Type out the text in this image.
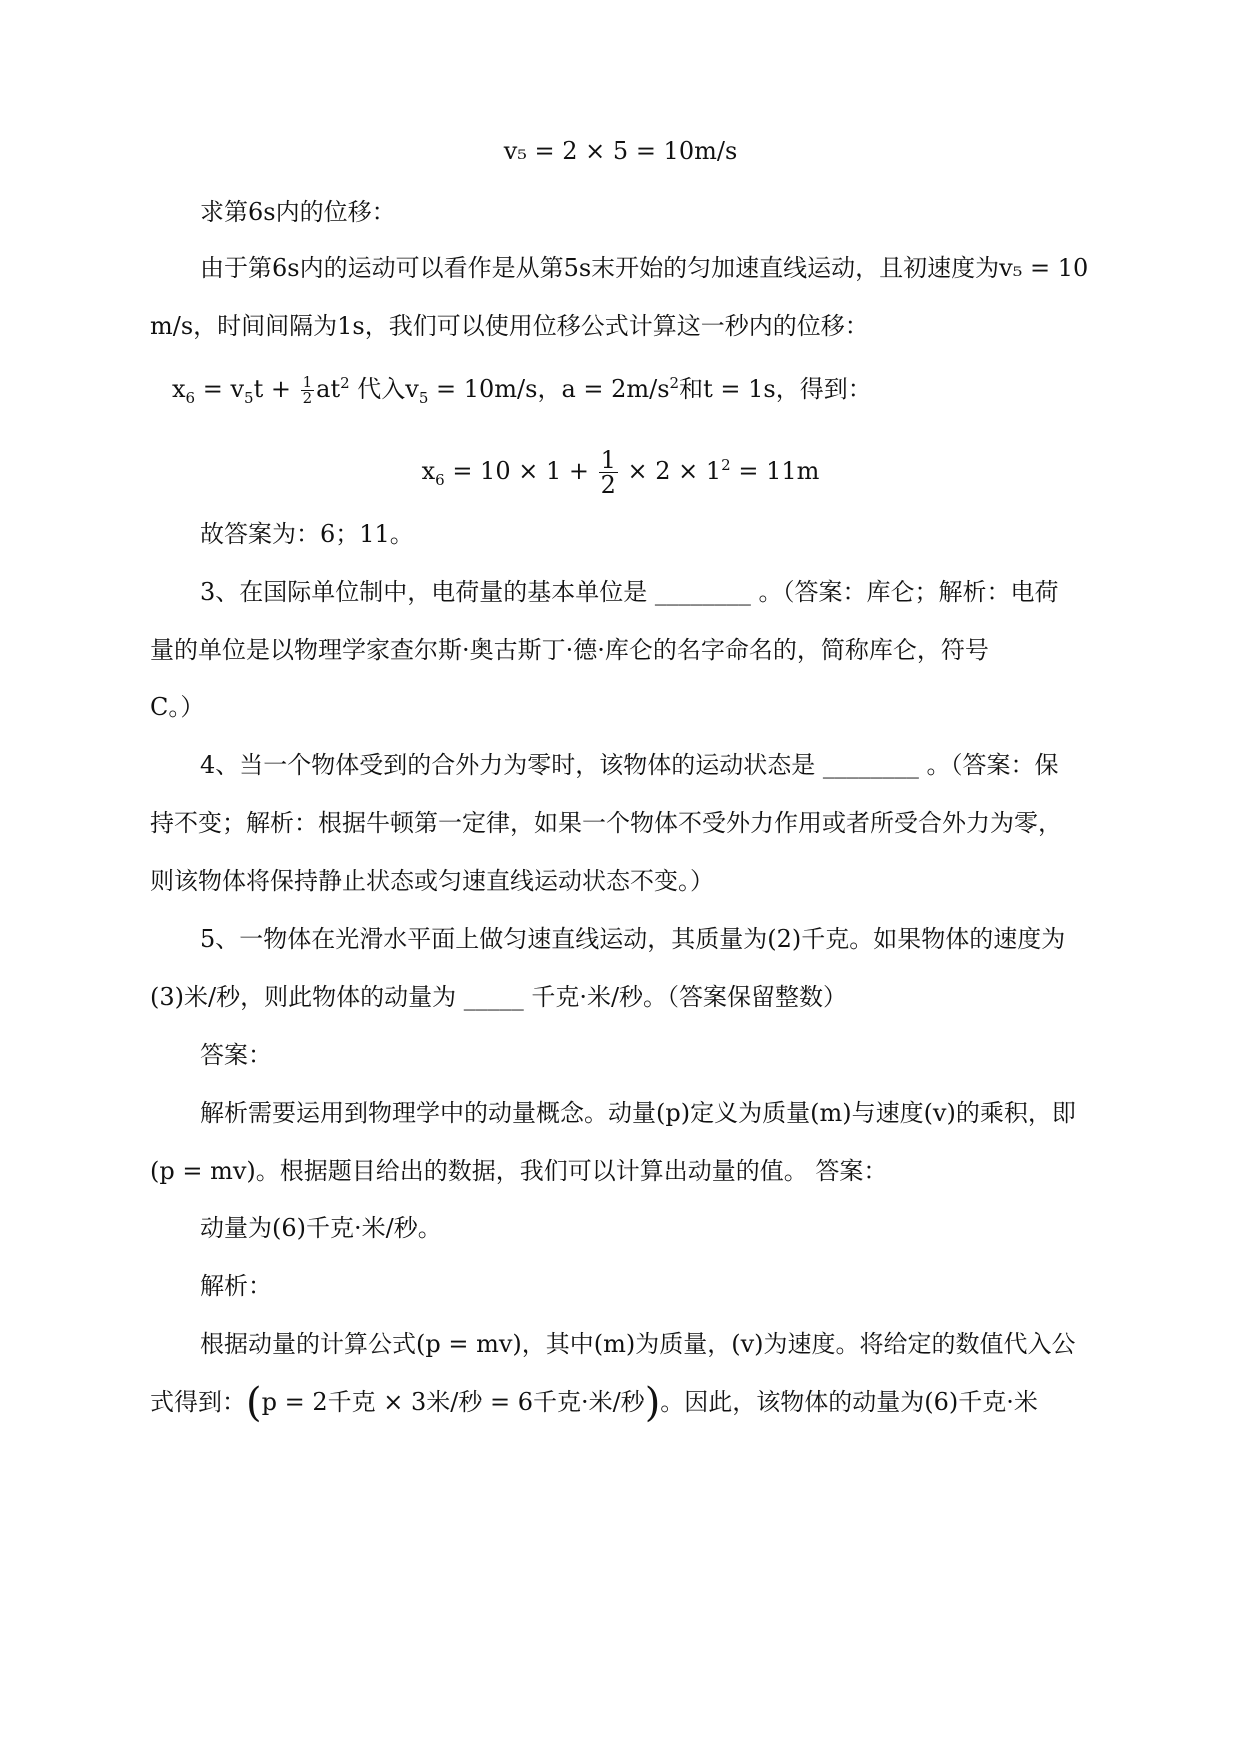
v₅ = 2 × 5 = 10m/s
求第6s内的位移：
由于第6s内的运动可以看作是从第5s末开始的匀加速直线运动，且初速度为v₅ = 10
m/s，时间间隔为1s，我们可以使用位移公式计算这一秒内的位移：
$x_6 = v_5t + \frac{1}{2} at^2$ 代入$v_5 = 10m/s$，$a = 2m/s^2$和t = 1s，得到：
$x_6 = 10 \times 1 + \frac{1}{2} \times 2 \times 1^2 = 11m$
故答案为：6；11。
3、在国际单位制中，电荷量的基本单位是 ________ 。（答案：库仑；解析：电荷
量的单位是以物理学家查尔斯·奥古斯丁·德·库仑的名字命名的，简称库仑，符号
C。）
4、当一个物体受到的合外力为零时，该物体的运动状态是 ________ 。（答案：保
持不变；解析：根据牛顿第一定律，如果一个物体不受外力作用或者所受合外力为零，
则该物体将保持静止状态或匀速直线运动状态不变。）
5、一物体在光滑水平面上做匀速直线运动，其质量为(2)千克。如果物体的速度为
(3)米/秒，则此物体的动量为 _____ 千克·米/秒。（答案保留整数）
答案：
解析需要运用到物理学中的动量概念。动量(p)定义为质量(m)与速度(v)的乘积，即
(p = mv)。根据题目给出的数据，我们可以计算出动量的值。 答案：
动量为(6)千克·米/秒。
解析：
根据动量的计算公式(p = mv)，其中(m)为质量，(v)为速度。将给定的数值代入公
式得到：(p = 2千克 × 3米/秒 = 6千克·米/秒)。因此，该物体的动量为(6)千克·米
